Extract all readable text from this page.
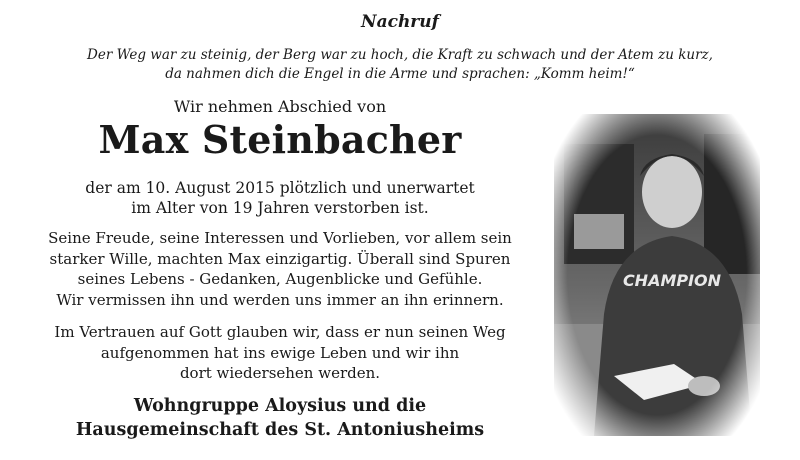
Nachruf
Der Weg war zu steinig, der Berg war zu hoch, die Kraft zu schwach und der Atem zu kurz,
da nahmen dich die Engel in die Arme und sprachen: „Komm heim!“
Wir nehmen Abschied von
Max Steinbacher
der am 10. August 2015 plötzlich und unerwartet
im Alter von 19 Jahren verstorben ist.
Seine Freude, seine Interessen und Vorlieben, vor allem sein
starker Wille, machten Max einzigartig. Überall sind Spuren
seines Lebens - Gedanken, Augenblicke und Gefühle.
Wir vermissen ihn und werden uns immer an ihn erinnern.
Im Vertrauen auf Gott glauben wir, dass er nun seinen Weg
aufgenommen hat ins ewige Leben und wir ihn
dort wiedersehen werden.
Wohngruppe Aloysius und die
Hausgemeinschaft des St. Antoniusheims
